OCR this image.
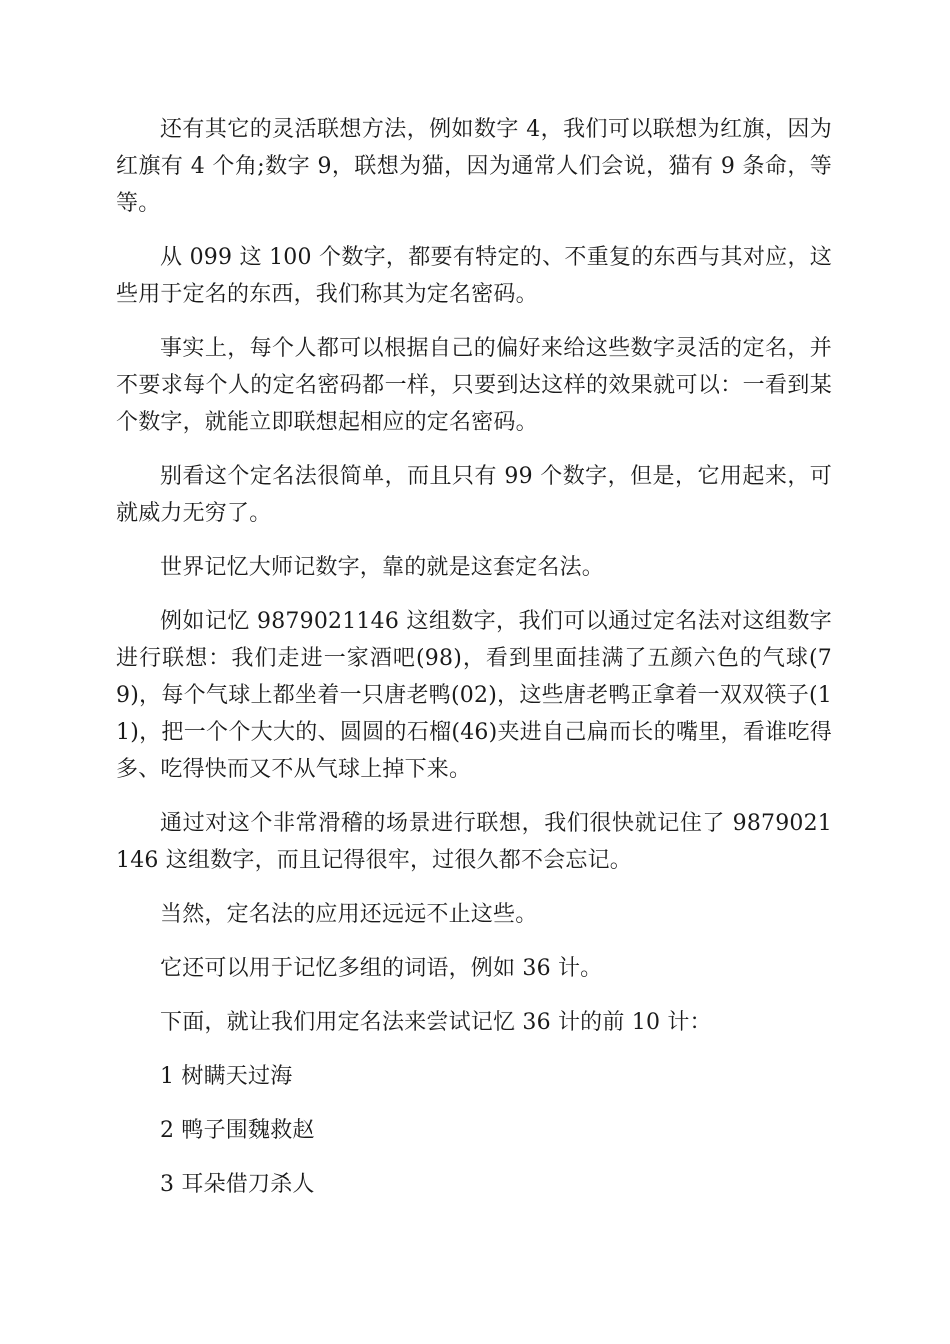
还有其它的灵活联想方法，例如数字 4，我们可以联想为红旗，因为红旗有 4 个角;数字 9，联想为猫，因为通常人们会说，猫有 9 条命，等等。

从 099 这 100 个数字，都要有特定的、不重复的东西与其对应，这些用于定名的东西，我们称其为定名密码。

事实上，每个人都可以根据自己的偏好来给这些数字灵活的定名，并不要求每个人的定名密码都一样，只要到达这样的效果就可以：一看到某个数字，就能立即联想起相应的定名密码。

别看这个定名法很简单，而且只有 99 个数字，但是，它用起来，可就威力无穷了。

世界记忆大师记数字，靠的就是这套定名法。

例如记忆 9879021146 这组数字，我们可以通过定名法对这组数字进行联想：我们走进一家酒吧(98)，看到里面挂满了五颜六色的气球(79)，每个气球上都坐着一只唐老鸭(02)，这些唐老鸭正拿着一双双筷子(11)，把一个个大大的、圆圆的石榴(46)夹进自己扁而长的嘴里，看谁吃得多、吃得快而又不从气球上掉下来。

通过对这个非常滑稽的场景进行联想，我们很快就记住了 9879021146 这组数字，而且记得很牢，过很久都不会忘记。

当然，定名法的应用还远远不止这些。

它还可以用于记忆多组的词语，例如 36 计。

下面，就让我们用定名法来尝试记忆 36 计的前 10 计：

1 树瞒天过海

2 鸭子围魏救赵

3 耳朵借刀杀人
